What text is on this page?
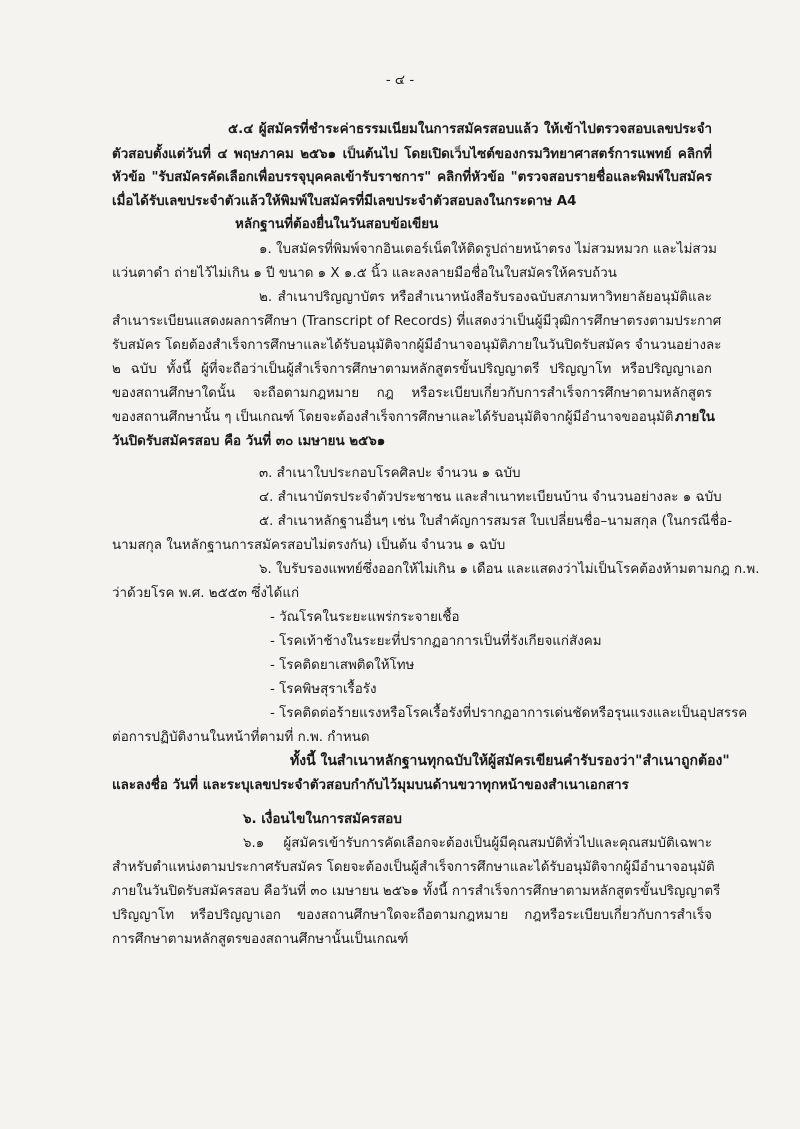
- ๔ -
๕.๔ ผู้สมัครที่ชำระค่าธรรมเนียมในการสมัครสอบแล้ว ให้เข้าไปตรวจสอบเลขประจำ
ตัวสอบตั้งแต่วันที่ ๔ พฤษภาคม ๒๕๖๑ เป็นต้นไป โดยเปิดเว็บไซต์ของกรมวิทยาศาสตร์การแพทย์ คลิกที่
หัวข้อ "รับสมัครคัดเลือกเพื่อบรรจุบุคคลเข้ารับราชการ" คลิกที่หัวข้อ "ตรวจสอบรายชื่อและพิมพ์ใบสมัคร
เมื่อได้รับเลขประจำตัวแล้วให้พิมพ์ใบสมัครที่มีเลขประจำตัวสอบลงในกระดาษ A4
หลักฐานที่ต้องยื่นในวันสอบข้อเขียน
๑. ใบสมัครที่พิมพ์จากอินเตอร์เน็ตให้ติดรูปถ่ายหน้าตรง ไม่สวมหมวก และไม่สวม
แว่นตาดำ ถ่ายไว้ไม่เกิน ๑ ปี ขนาด ๑ X ๑.๕ นิ้ว และลงลายมือชื่อในใบสมัครให้ครบถ้วน
๒. สำเนาปริญญาบัตร หรือสำเนาหนังสือรับรองฉบับสภามหาวิทยาลัยอนุมัติและ
สำเนาระเบียนแสดงผลการศึกษา (Transcript of Records) ที่แสดงว่าเป็นผู้มีวุฒิการศึกษาตรงตามประกาศ
รับสมัคร โดยต้องสำเร็จการศึกษาและได้รับอนุมัติจากผู้มีอำนาจอนุมัติภายในวันปิดรับสมัคร จำนวนอย่างละ
๒ ฉบับ ทั้งนี้ ผู้ที่จะถือว่าเป็นผู้สำเร็จการศึกษาตามหลักสูตรขั้นปริญญาตรี ปริญญาโท หรือปริญญาเอก
ของสถานศึกษาใดนั้น จะถือตามกฎหมาย กฎ หรือระเบียบเกี่ยวกับการสำเร็จการศึกษาตามหลักสูตร
ของสถานศึกษานั้น ๆ เป็นเกณฑ์ โดยจะต้องสำเร็จการศึกษาและได้รับอนุมัติจากผู้มีอำนาจขออนุมัติ ภายใน
วันปิดรับสมัครสอบ คือ วันที่ ๓๐ เมษายน ๒๕๖๑
๓. สำเนาใบประกอบโรคศิลปะ จำนวน ๑ ฉบับ
๔. สำเนาบัตรประจำตัวประชาชน และสำเนาทะเบียนบ้าน จำนวนอย่างละ ๑ ฉบับ
๕. สำเนาหลักฐานอื่นๆ เช่น ใบสำคัญการสมรส ใบเปลี่ยนชื่อ–นามสกุล (ในกรณีชื่อ-
นามสกุล ในหลักฐานการสมัครสอบไม่ตรงกัน) เป็นต้น จำนวน ๑ ฉบับ
๖. ใบรับรองแพทย์ซึ่งออกให้ไม่เกิน ๑ เดือน และแสดงว่าไม่เป็นโรคต้องห้ามตามกฎ ก.พ.
ว่าด้วยโรค พ.ศ. ๒๕๕๓ ซึ่งได้แก่
- วัณโรคในระยะแพร่กระจายเชื้อ
- โรคเท้าช้างในระยะที่ปรากฏอาการเป็นที่รังเกียจแก่สังคม
- โรคติดยาเสพติดให้โทษ
- โรคพิษสุราเรื้อรัง
- โรคติดต่อร้ายแรงหรือโรคเรื้อรังที่ปรากฏอาการเด่นชัดหรือรุนแรงและเป็นอุปสรรค
ต่อการปฏิบัติงานในหน้าที่ตามที่ ก.พ. กำหนด
ทั้งนี้ ในสำเนาหลักฐานทุกฉบับให้ผู้สมัครเขียนคำรับรองว่า"สำเนาถูกต้อง"
และลงชื่อ วันที่ และระบุเลขประจำตัวสอบกำกับไว้มุมบนด้านขวาทุกหน้าของสำเนาเอกสาร
๖. เงื่อนไขในการสมัครสอบ
๖.๑ ผู้สมัครเข้ารับการคัดเลือกจะต้องเป็นผู้มีคุณสมบัติทั่วไปและคุณสมบัติเฉพาะ
สำหรับตำแหน่งตามประกาศรับสมัคร โดยจะต้องเป็นผู้สำเร็จการศึกษาและได้รับอนุมัติจากผู้มีอำนาจอนุมัติ
ภายในวันปิดรับสมัครสอบ คือวันที่ ๓๐ เมษายน ๒๕๖๑ ทั้งนี้ การสำเร็จการศึกษาตามหลักสูตรขั้นปริญญาตรี
ปริญญาโท หรือปริญญาเอก ของสถานศึกษาใดจะถือตามกฎหมาย กฎหรือระเบียบเกี่ยวกับการสำเร็จ
การศึกษาตามหลักสูตรของสถานศึกษานั้นเป็นเกณฑ์
